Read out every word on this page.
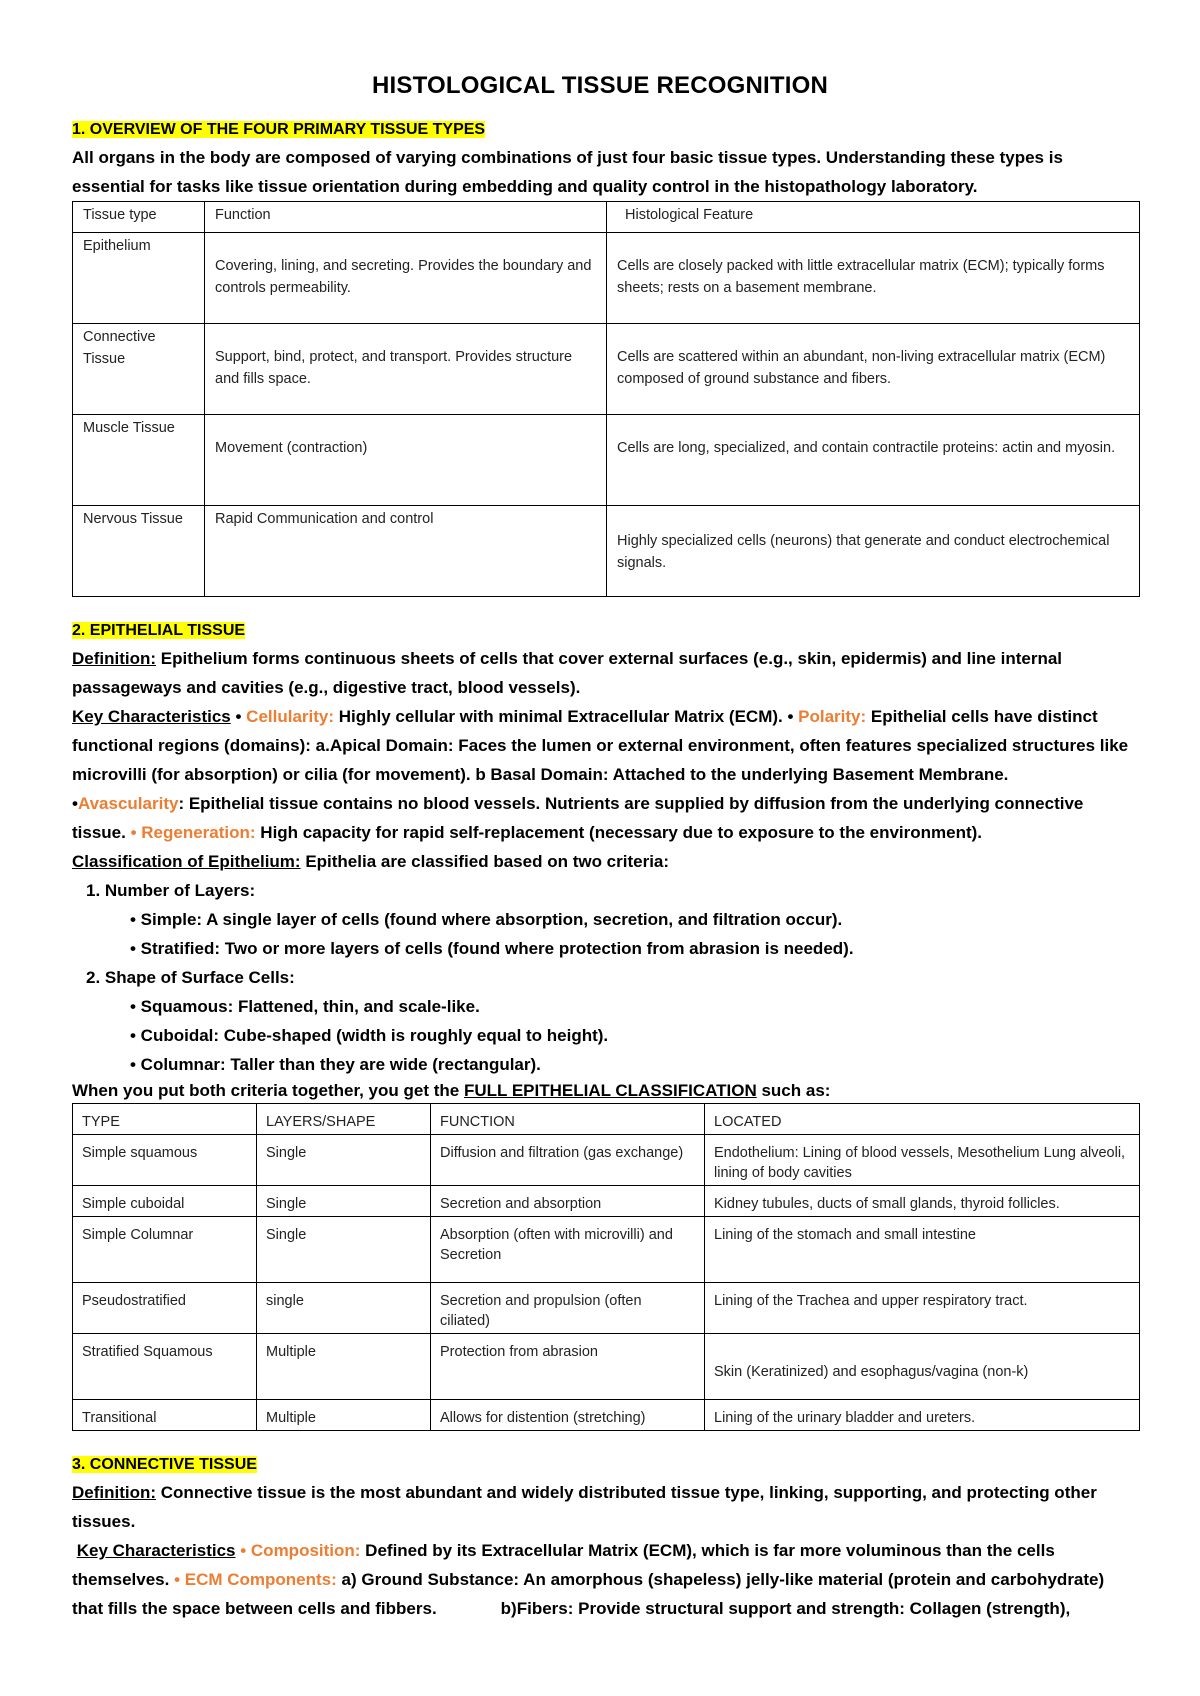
HISTOLOGICAL TISSUE RECOGNITION

1. OVERVIEW OF THE FOUR PRIMARY TISSUE TYPES

All organs in the body are composed of varying combinations of just four basic tissue types. Understanding these types is essential for tasks like tissue orientation during embedding and quality control in the histopathology laboratory.

Tissue type	Function	Histological Feature
Epithelium	Covering, lining, and secreting. Provides the boundary and controls permeability.	Cells are closely packed with little extracellular matrix (ECM); typically forms sheets; rests on a basement membrane.

Connective Tissue	Support, bind, protect, and transport. Provides structure and fills space.	Cells are scattered within an abundant, non-living extracellular matrix (ECM) composed of ground substance and fibers.

Muscle Tissue	Movement (contraction)	Cells are long, specialized, and contain contractile proteins: actin and myosin.

Nervous Tissue	Rapid Communication and control	Highly specialized cells (neurons) that generate and conduct electrochemical signals.

2. EPITHELIAL TISSUE

Definition: Epithelium forms continuous sheets of cells that cover external surfaces (e.g., skin, epidermis) and line internal passageways and cavities (e.g., digestive tract, blood vessels).

Key Characteristics • Cellularity: Highly cellular with minimal Extracellular Matrix (ECM). • Polarity: Epithelial cells have distinct functional regions (domains): a.Apical Domain: Faces the lumen or external environment, often features specialized structures like microvilli (for absorption) or cilia (for movement). b Basal Domain: Attached to the underlying Basement Membrane.
•Avascularity: Epithelial tissue contains no blood vessels. Nutrients are supplied by diffusion from the underlying connective tissue. • Regeneration: High capacity for rapid self-replacement (necessary due to exposure to the environment).

Classification of Epithelium: Epithelia are classified based on two criteria:

1. Number of Layers:

• Simple: A single layer of cells (found where absorption, secretion, and filtration occur).

• Stratified: Two or more layers of cells (found where protection from abrasion is needed).

2. Shape of Surface Cells:

• Squamous: Flattened, thin, and scale-like.

• Cuboidal: Cube-shaped (width is roughly equal to height).

• Columnar: Taller than they are wide (rectangular).

When you put both criteria together, you get the FULL EPITHELIAL CLASSIFICATION such as:

TYPE	LAYERS/SHAPE	FUNCTION	LOCATED
Simple squamous	Single	Diffusion and filtration (gas exchange)	Endothelium: Lining of blood vessels, Mesothelium Lung alveoli, lining of body cavities
Simple cuboidal	Single	Secretion and absorption	Kidney tubules, ducts of small glands, thyroid follicles.
Simple Columnar	Single	Absorption (often with microvilli) and Secretion	Lining of the stomach and small intestine
Pseudostratified	single	Secretion and propulsion (often ciliated)	Lining of the Trachea and upper respiratory tract.
Stratified Squamous	Multiple	Protection from abrasion	Skin (Keratinized) and esophagus/vagina (non-k)

Transitional	Multiple	Allows for distention (stretching)	Lining of the urinary bladder and ureters.

3. CONNECTIVE TISSUE

Definition: Connective tissue is the most abundant and widely distributed tissue type, linking, supporting, and protecting other tissues.

Key Characteristics • Composition: Defined by its Extracellular Matrix (ECM), which is far more voluminous than the cells themselves. • ECM Components: a) Ground Substance: An amorphous (shapeless) jelly-like material (protein and carbohydrate) that fills the space between cells and fibbers.	b)Fibers: Provide structural support and strength: Collagen (strength),
